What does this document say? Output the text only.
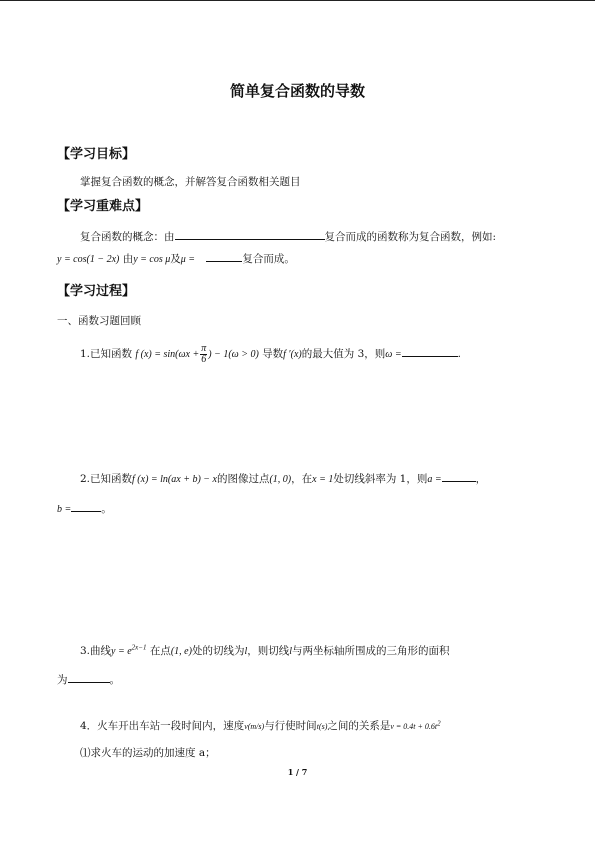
简单复合函数的导数
【学习目标】
掌握复合函数的概念，并解答复合函数相关题目
【学习重难点】
复合函数的概念：由	复合而成的函数称为复合函数，例如:
y = cos(1 − 2x) 由y = cos μ及μ =	复合而成。
【学习过程】
一、函数习题回顾
1.已知函数 f $(x) = \sin(\omega x + \frac{\pi}{6}$ ) − 1(ω > 0) 导数f ′(x)的最大值为 3，则ω =	.
2.已知函数f (x) = ln(ax + b) − x的图像过点(1, 0)，在x = 1处切线斜率为 1，则a =	，
b =	。
3.曲线$y = e^{2x-1}$ 在点(1, e)处的切线为l，则切线l与两坐标轴所围成的三角形的面积
为	。
4．火车开出车站一段时间内，速度v(m/s)与行使时间t(s)之间的关系是$v = 0.4t + 0.6t^2$
⑴求火车的运动的加速度 a；
1 / 7
